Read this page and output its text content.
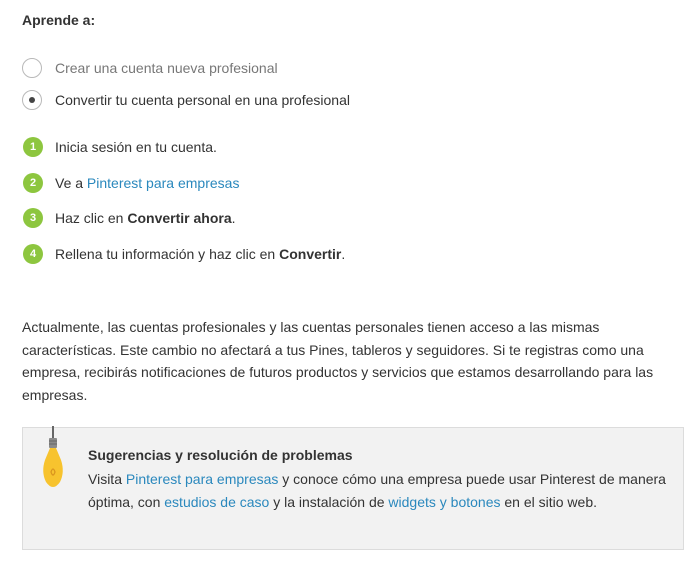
Aprende a:
Crear una cuenta nueva profesional
Convertir tu cuenta personal en una profesional
1	Inicia sesión en tu cuenta.
2	Ve a Pinterest para empresas
3	Haz clic en Convertir ahora.
4	Rellena tu información y haz clic en Convertir.
Actualmente, las cuentas profesionales y las cuentas personales tienen acceso a las mismas características. Este cambio no afectará a tus Pines, tableros y seguidores. Si te registras como una empresa, recibirás notificaciones de futuros productos y servicios que estamos desarrollando para las empresas.
Sugerencias y resolución de problemas
Visita Pinterest para empresas y conoce cómo una empresa puede usar Pinterest de manera óptima, con estudios de caso y la instalación de widgets y botones en el sitio web.
